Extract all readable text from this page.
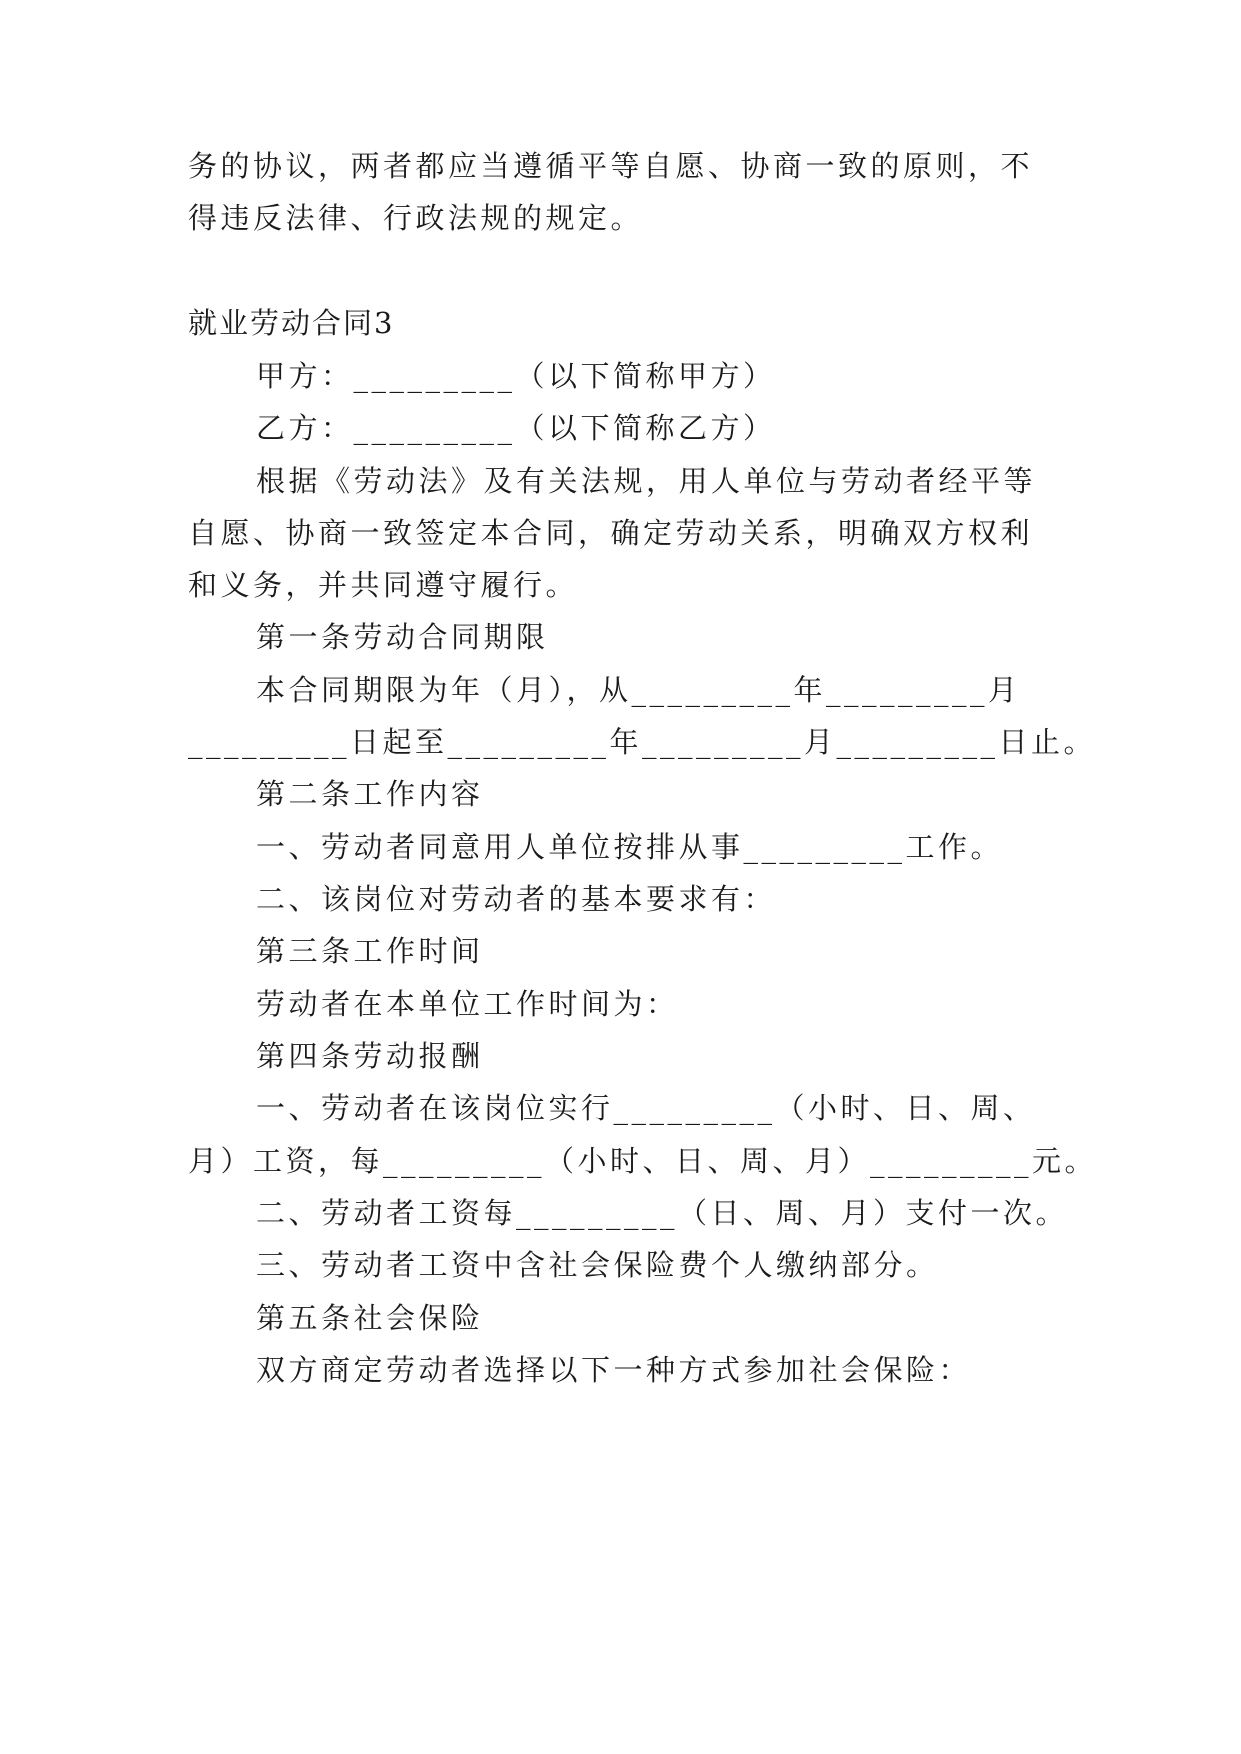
务的协议，两者都应当遵循平等自愿、协商一致的原则，不
得违反法律、行政法规的规定。
就业劳动合同3
甲方：_________（以下简称甲方）
乙方：_________（以下简称乙方）
根据《劳动法》及有关法规，用人单位与劳动者经平等
自愿、协商一致签定本合同，确定劳动关系，明确双方权利
和义务，并共同遵守履行。
第一条劳动合同期限
本合同期限为年（月），从_________年_________月
_________日起至_________年_________月_________日止。
第二条工作内容
一、劳动者同意用人单位按排从事_________工作。
二、该岗位对劳动者的基本要求有：
第三条工作时间
劳动者在本单位工作时间为：
第四条劳动报酬
一、劳动者在该岗位实行_________（小时、日、周、
月）工资，每_________（小时、日、周、月）_________元。
二、劳动者工资每_________（日、周、月）支付一次。
三、劳动者工资中含社会保险费个人缴纳部分。
第五条社会保险
双方商定劳动者选择以下一种方式参加社会保险：
